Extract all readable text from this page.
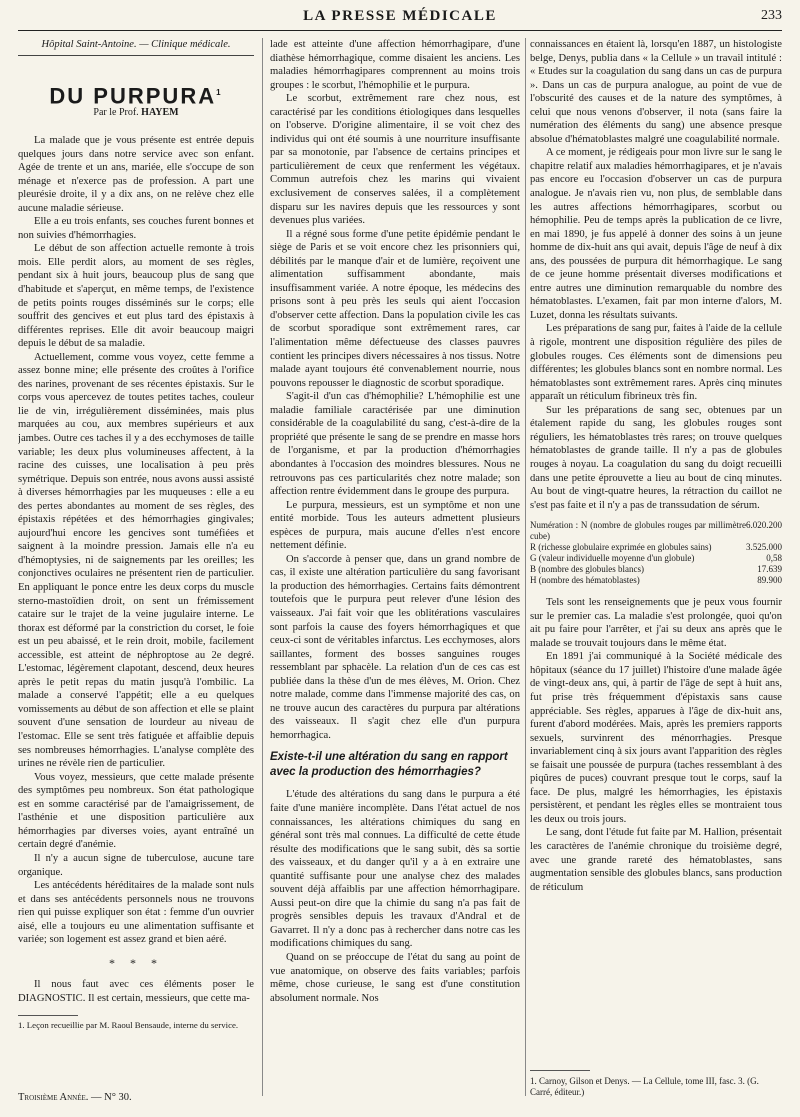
LA PRESSE MÉDICALE	233
Hôpital Saint-Antoine. — Clinique médicale.
DU PURPURA$^1$
Par le Prof. HAYEM

La malade que je vous présente est entrée depuis quelques jours dans notre service avec son enfant. Agée de trente et un ans, mariée, elle s'occupe de son ménage et n'exerce pas de profession. A part une pleurésie droite, il y a dix ans, on ne relève chez elle aucune maladie sérieuse.

Elle a eu trois enfants, ses couches furent bonnes et non suivies d'hémorrhagies.

Le début de son affection actuelle remonte à trois mois. Elle perdit alors, au moment de ses règles, pendant six à huit jours, beaucoup plus de sang que d'habitude et s'aperçut, en même temps, de l'existence de petits points rouges disséminés sur le corps; elle souffrit des gencives et eut plus tard des épistaxis à différentes reprises. Elle dit avoir beaucoup maigri depuis le début de sa maladie.

Actuellement, comme vous voyez, cette femme a assez bonne mine; elle présente des croûtes à l'orifice des narines, provenant de ses récentes épistaxis. Sur le corps vous apercevez de toutes petites taches, couleur lie de vin, irrégulièrement disséminées, mais plus marquées au cou, aux membres supérieurs et aux jambes. Outre ces taches il y a des ecchymoses de taille variable; les deux plus volumineuses affectent, à la racine des cuisses, une localisation à peu près symétrique. Depuis son entrée, nous avons aussi assisté à diverses hémorrhagies par les muqueuses : elle a eu des pertes abondantes au moment de ses règles, des épistaxis répétées et des hémorrhagies gingivales; aujourd'hui encore les gencives sont tuméfiées et saignent à la moindre pression. Jamais elle n'a eu d'hémoptysies, ni de saignements par les oreilles; les conjonctives oculaires ne présentent rien de particulier. En appliquant le ponce entre les deux corps du muscle sterno-mastoïdien droit, on sent un frémissement cataire sur le trajet de la veine jugulaire interne. Le thorax est déformé par la constriction du corset, le foie est un peu abaissé, et le rein droit, mobile, facilement accessible, est atteint de néphroptose au 2e degré. L'estomac, légèrement clapotant, descend, deux heures après le petit repas du matin jusqu'à l'ombilic. La malade a conservé l'appétit; elle a eu quelques vomissements au début de son affection et elle se plaint souvent d'une sensation de lourdeur au niveau de l'estomac. Elle se sent très fatiguée et affaiblie depuis ses nombreuses hémorrhagies. L'analyse complète des urines ne révèle rien de particulier.

Vous voyez, messieurs, que cette malade présente des symptômes peu nombreux. Son état pathologique est en somme caractérisé par de l'amaigrissement, de l'asthénie et une disposition particulière aux hémorrhagies par diverses voies, ayant entraîné un certain degré d'anémie.

Il n'y a aucun signe de tuberculose, aucune tare organique.

Les antécédents héréditaires de la malade sont nuls et dans ses antécédents personnels nous ne trouvons rien qui puisse expliquer son état : femme d'un ouvrier aisé, elle a toujours eu une alimentation suffisante et variée; son logement est assez grand et bien aéré.

* * *

Il nous faut avec ces éléments poser le DIAGNOSTIC. Il est certain, messieurs, que cette ma-

1. Leçon recueillie par M. Raoul Bensaude, interne du service.
Troisième Année. — N° 30.

lade est atteinte d'une affection hémorrhagipare, d'une diathèse hémorrhagique, comme disaient les anciens. Les maladies hémorrhagipares comprennent au moins trois groupes : le scorbut, l'hémophilie et le purpura.

Le scorbut, extrêmement rare chez nous, est caractérisé par les conditions étiologiques dans lesquelles on l'observe. D'origine alimentaire, il se voit chez des individus qui ont été soumis à une nourriture insuffisante par sa monotonie, par l'absence de certains principes et particulièrement de ceux que renferment les végétaux. Commun autrefois chez les marins qui vivaient exclusivement de conserves salées, il a complètement disparu sur les navires depuis que les ressources y sont devenues plus variées.

Il a régné sous forme d'une petite épidémie pendant le siège de Paris et se voit encore chez les prisonniers qui, débilités par le manque d'air et de lumière, reçoivent une alimentation suffisamment abondante, mais insuffisamment variée. A notre époque, les médecins des prisons sont à peu près les seuls qui aient l'occasion d'observer cette affection. Dans la population civile les cas de scorbut sporadique sont extrêmement rares, car l'alimentation même défectueuse des classes pauvres contient les principes divers nécessaires à nos tissus. Notre malade ayant toujours été convenablement nourrie, nous pouvons repousser le diagnostic de scorbut sporadique.

S'agit-il d'un cas d'hémophilie? L'hémophilie est une maladie familiale caractérisée par une diminution considérable de la coagulabilité du sang, c'est-à-dire de la propriété que présente le sang de se prendre en masse hors de l'organisme, et par la production d'hémorrhagies abondantes à l'occasion des moindres blessures. Nous ne retrouvons pas ces particularités chez notre malade; son affection rentre évidemment dans le groupe des purpura.

Le purpura, messieurs, est un symptôme et non une entité morbide. Tous les auteurs admettent plusieurs espèces de purpura, mais aucune d'elles n'est encore nettement définie.

On s'accorde à penser que, dans un grand nombre de cas, il existe une altération particulière du sang favorisant la production des hémorrhagies. Certains faits démontrent toutefois que le purpura peut relever d'une lésion des vaisseaux. J'ai fait voir que les oblitérations vasculaires sont parfois la cause des foyers hémorrhagiques et que ceux-ci sont de véritables infarctus. Les ecchymoses, alors saillantes, forment des bosses sanguines rouges ressemblant par sphacèle. La relation d'un de ces cas est publiée dans la thèse d'un de mes élèves, M. Orion. Chez notre malade, comme dans l'immense majorité des cas, on ne trouve aucun des caractères du purpura par altérations des vaisseaux. Il s'agit chez elle d'un purpura hemorrhagica.

Existe-t-il une altération du sang en rapport avec la production des hémorrhagies?

L'étude des altérations du sang dans le purpura a été faite d'une manière incomplète. Dans l'état actuel de nos connaissances, les altérations chimiques du sang en général sont très mal connues. La difficulté de cette étude résulte des modifications que le sang subit, dès sa sortie des vaisseaux, et du danger qu'il y a à en extraire une quantité suffisante pour une analyse chez des malades souvent déjà affaiblis par une affection hémorrhagipare. Aussi peut-on dire que la chimie du sang n'a pas fait de progrès sensibles depuis les travaux d'Andral et de Gavarret. Il n'y a donc pas à rechercher dans notre cas les modifications chimiques du sang.

Quand on se préoccupe de l'état du sang au point de vue anatomique, on observe des faits variables; parfois même, chose curieuse, le sang est d'une constitution absolument normale. Nos

connaissances en étaient là, lorsqu'en 1887, un histologiste belge, Denys, publia dans « la Cellule » un travail intitulé : « Etudes sur la coagulation du sang dans un cas de purpura ». Dans un cas de purpura analogue, au point de vue de l'obscurité des causes et de la nature des symptômes, à celui que nous venons d'observer, il nota (sans faire la numération des éléments du sang) une absence presque absolue d'hématoblastes malgré une coagulabilité normale.

A ce moment, je rédigeais pour mon livre sur le sang le chapitre relatif aux maladies hémorrhagipares, et je n'avais pas encore eu l'occasion d'observer un cas de purpura analogue. Je n'avais rien vu, non plus, de semblable dans les autres affections hémorrhagipares, scorbut ou hémophilie. Peu de temps après la publication de ce livre, en mai 1890, je fus appelé à donner des soins à un jeune homme de dix-huit ans qui avait, depuis l'âge de neuf à dix ans, des poussées de purpura dit hémorrhagique. Le sang de ce jeune homme présentait diverses modifications et entre autres une diminution remarquable du nombre des hématoblastes. L'examen, fait par mon interne d'alors, M. Luzet, donna les résultats suivants.

Les préparations de sang pur, faites à l'aide de la cellule à rigole, montrent une disposition régulière des piles de globules rouges. Ces éléments sont de dimensions peu différentes; les globules blancs sont en nombre normal. Les hématoblastes sont extrêmement rares. Après cinq minutes apparaît un réticulum fibrineux très fin.

Sur les préparations de sang sec, obtenues par un étalement rapide du sang, les globules rouges sont réguliers, les hématoblastes très rares; on trouve quelques hématoblastes de grande taille. Il n'y a pas de globules rouges à noyau. La coagulation du sang du doigt recueilli dans une petite éprouvette a lieu au bout de cinq minutes. Au bout de vingt-quatre heures, la rétraction du caillot ne s'est pas faite et il n'y a pas de transsudation de sérum.

Numération : N (nombre de globules rouges par millimètre cube)	6.020.200
R (richesse globulaire exprimée en globules sains)	3.525.000
G (valeur individuelle moyenne d'un globule)	0,58
B (nombre des globules blancs)	17.639
H (nombre des hématoblastes)	89.900

Tels sont les renseignements que je peux vous fournir sur le premier cas. La maladie s'est prolongée, quoi qu'on ait pu faire pour l'arrêter, et j'ai su deux ans après que le malade se trouvait toujours dans le même état.

En 1891 j'ai communiqué à la Société médicale des hôpitaux (séance du 17 juillet) l'histoire d'une malade âgée de vingt-deux ans, qui, à partir de l'âge de sept à huit ans, fut prise très fréquemment d'épistaxis sans cause appréciable. Ses règles, apparues à l'âge de dix-huit ans, furent d'abord modérées. Mais, après les premiers rapports sexuels, survinrent des ménorrhagies. Presque invariablement cinq à six jours avant l'apparition des règles se faisait une poussée de purpura (taches ressemblant à des piqûres de puces) couvrant presque tout le corps, sauf la face. De plus, malgré les hémorrhagies, les épistaxis persistèrent, et pendant les règles elles se montraient tous les deux ou trois jours.

Le sang, dont l'étude fut faite par M. Hallion, présentait les caractères de l'anémie chronique du troisième degré, avec une grande rareté des hématoblastes, sans augmentation sensible des globules blancs, sans production de réticulum

1. Carnoy, Gilson et Denys. — La Cellule, tome III, fasc. 3. (G. Carré, éditeur.)
